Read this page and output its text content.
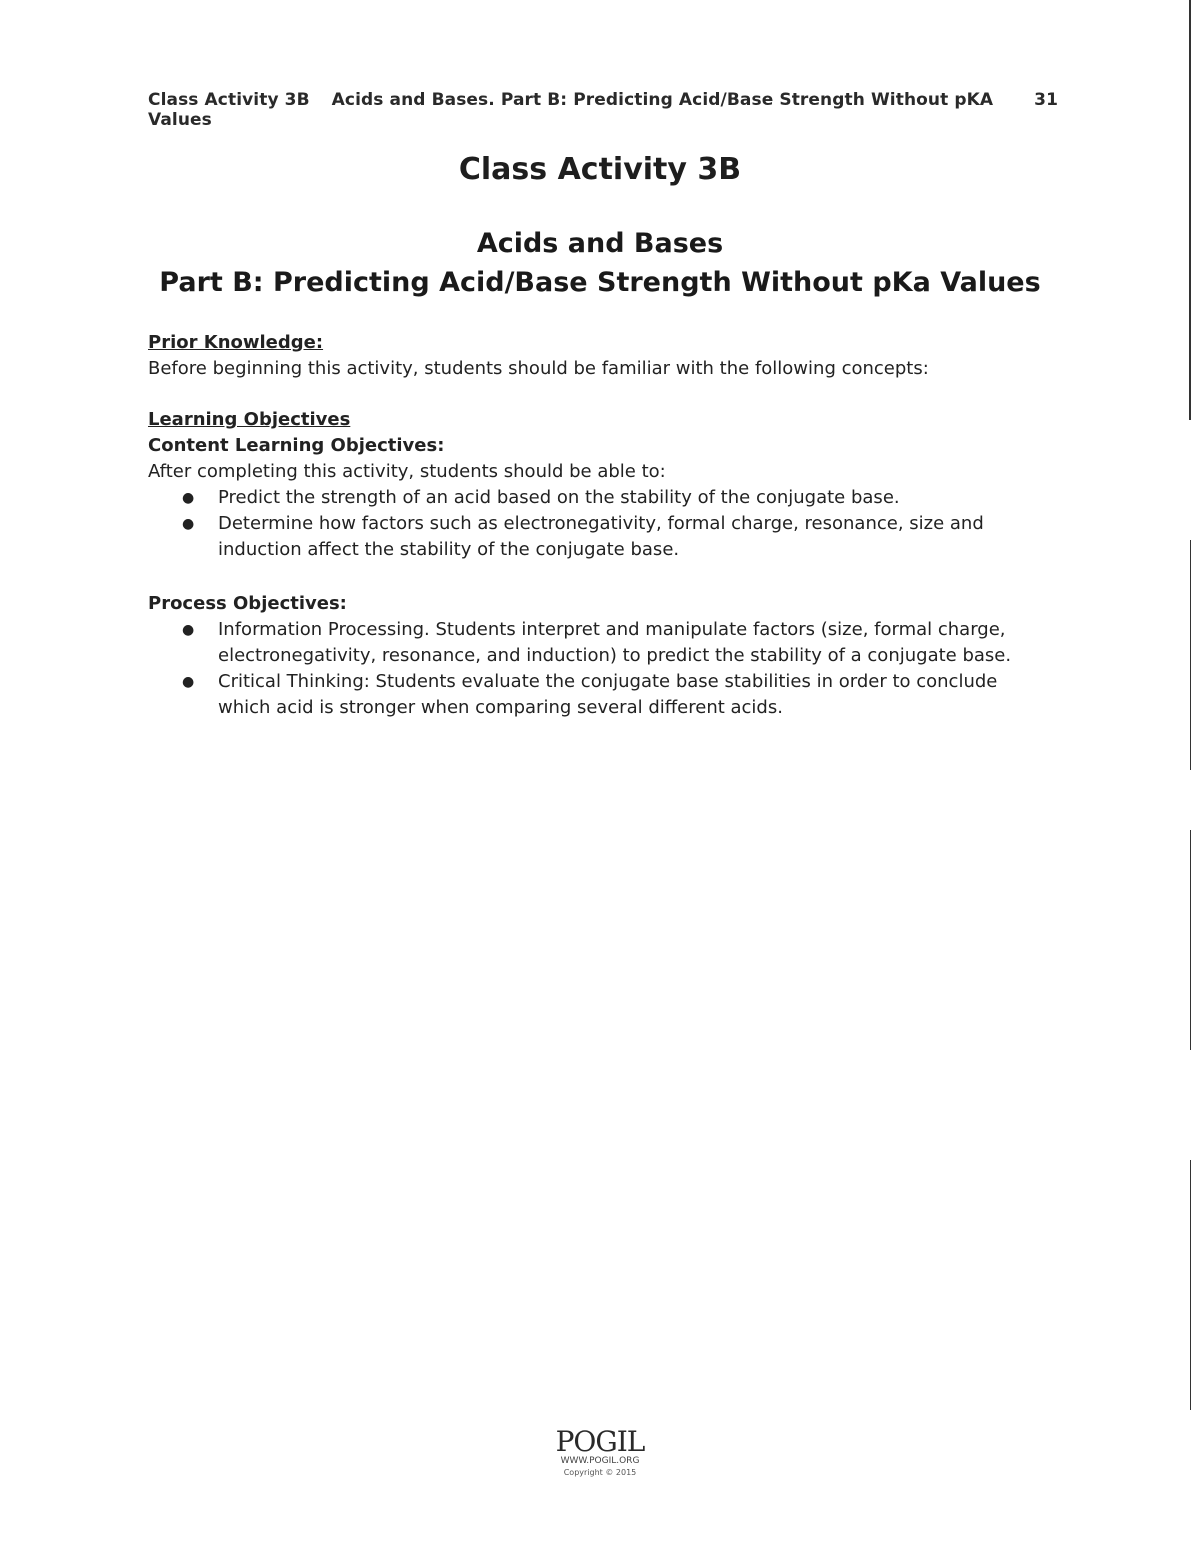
Class Activity 3B Acids and Bases. Part B: Predicting Acid/Base Strength Without pKA Values
31
Class Activity 3B
Acids and Bases
Part B: Predicting Acid/Base Strength Without pKa Values
Prior Knowledge:
Before beginning this activity, students should be familiar with the following concepts:
Learning Objectives
Content Learning Objectives:
After completing this activity, students should be able to:
● Predict the strength of an acid based on the stability of the conjugate base.
● Determine how factors such as electronegativity, formal charge, resonance, size and induction affect the stability of the conjugate base.
Process Objectives:
● Information Processing. Students interpret and manipulate factors (size, formal charge, electronegativity, resonance, and induction) to predict the stability of a conjugate base.
● Critical Thinking: Students evaluate the conjugate base stabilities in order to conclude which acid is stronger when comparing several different acids.
POGIL
WWW.POGIL.ORG
Copyright © 2015
